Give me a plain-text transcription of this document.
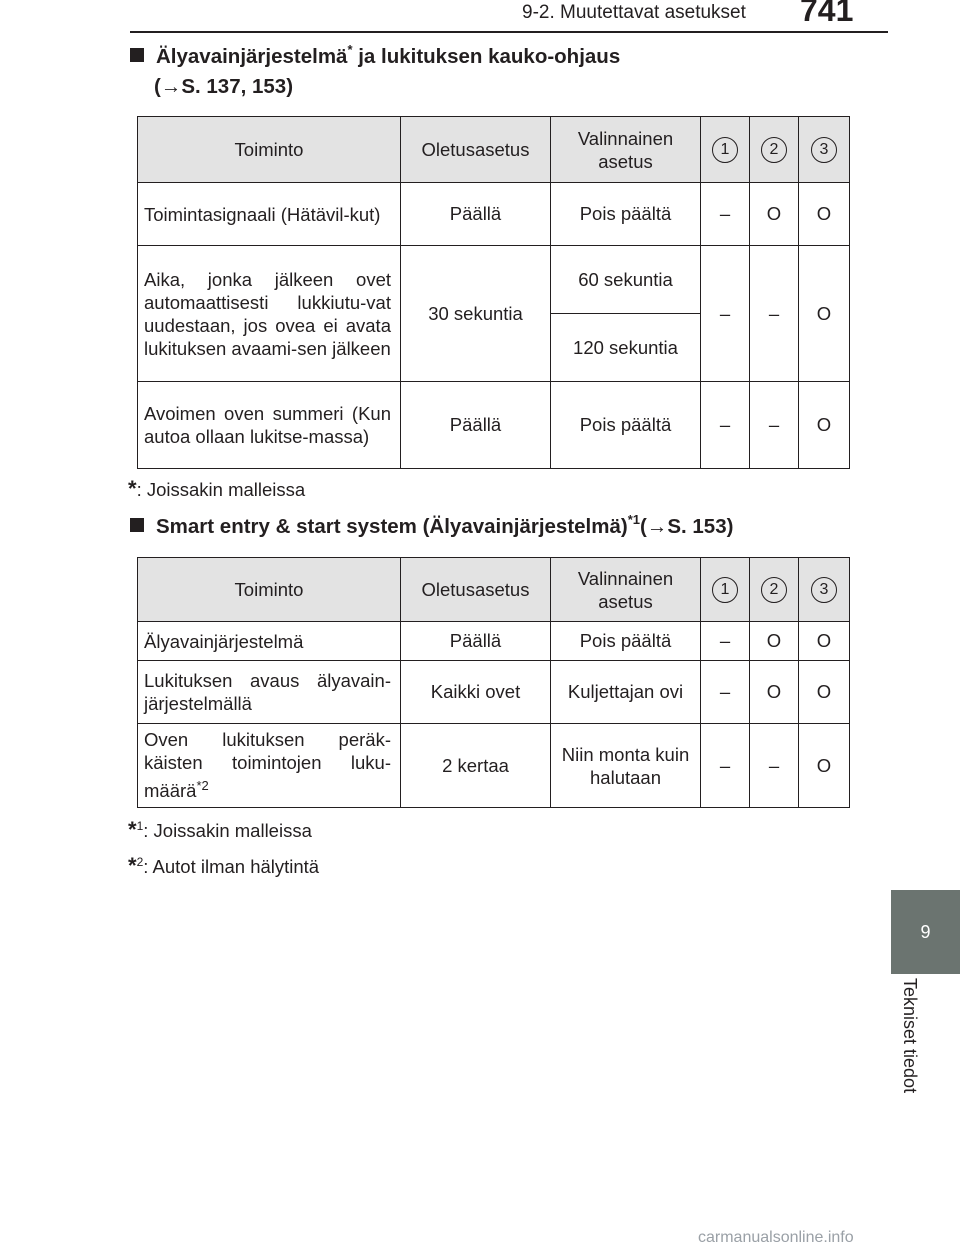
9-2. Muutettavat asetukset 741
9
Tekniset tiedot
Älyavainjärjestelmä* ja lukituksen kauko-ohjaus
(→S. 137, 153)
Toiminto	Oletusasetus	Valinnainen asetus	1	2	3
Toimintasignaali (Hätävil-kut)	Päällä	Pois päältä	–	O	O
Aika, jonka jälkeen ovet automaattisesti lukkiutu-vat uudestaan, jos ovea ei avata lukituksen avaami-sen jälkeen	30 sekuntia	60 sekuntia	–	–	O
		120 sekuntia			
Avoimen oven summeri (Kun autoa ollaan lukitse-massa)	Päällä	Pois päältä	–	–	O
*: Joissakin malleissa
Smart entry & start system (Älyavainjärjestelmä)$^{*1}$(→S. 153)
Toiminto	Oletusasetus	Valinnainen asetus	1	2	3
Älyavainjärjestelmä	Päällä	Pois päältä	–	O	O
Lukituksen avaus älyavain-järjestelmällä	Kaikki ovet	Kuljettajan ovi	–	O	O
Oven lukituksen peräk-käisten toimintojen luku-määrä$^{*2}$	2 kertaa	Niin monta kuin halutaan	–	–	O
*$^1$: Joissakin malleissa
*$^2$: Autot ilman hälytintä
carmanualsonline.info
